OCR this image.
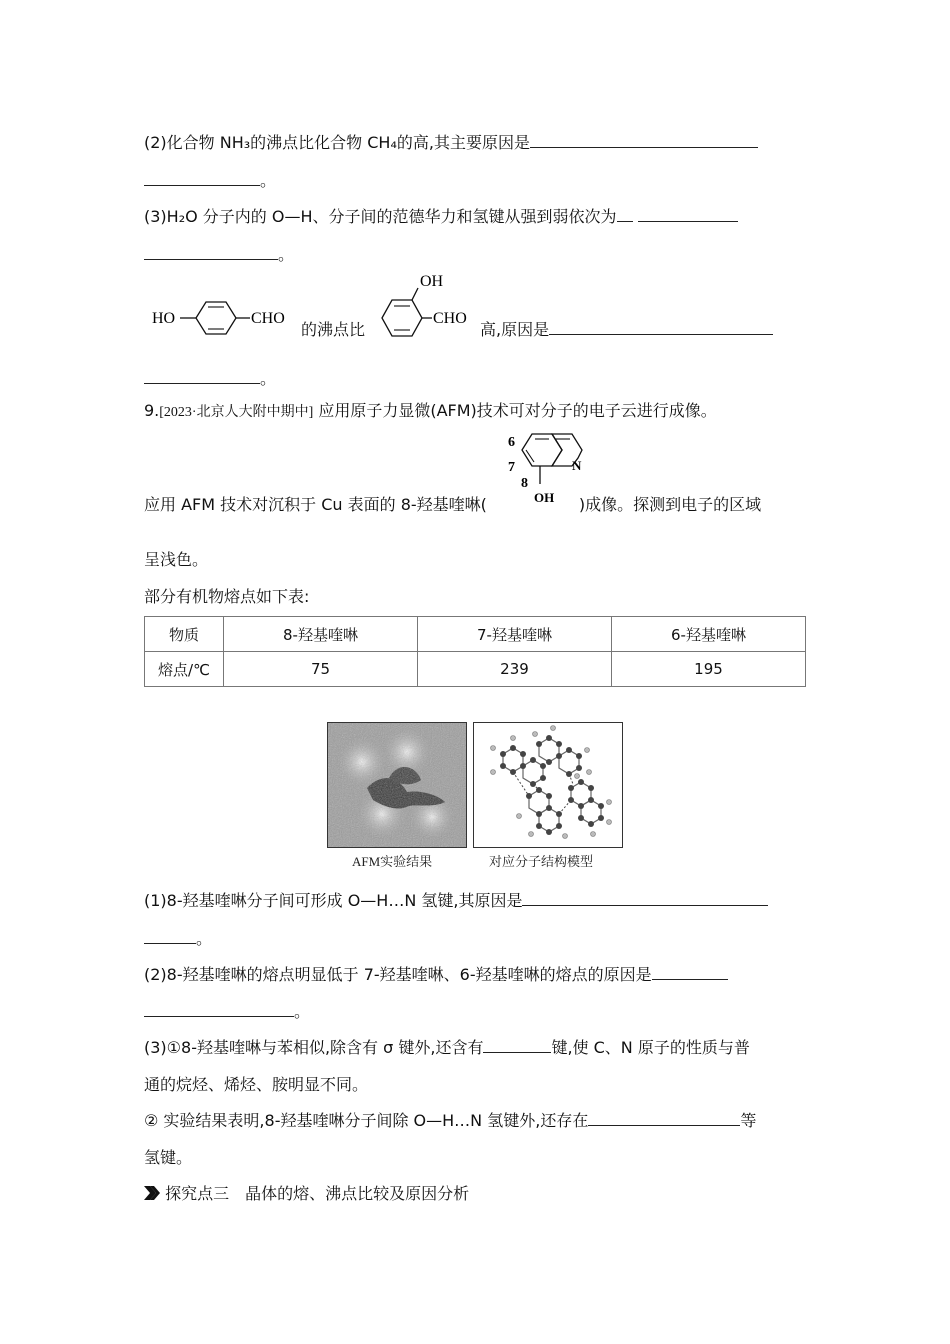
(2)化合物 NH₃的沸点比化合物 CH₄的高,其主要原因是
。
(3)H₂O 分子内的 O—H、分子间的范德华力和氢键从强到弱依次为
。
HO	CHO
的沸点比
OH
CHO
高,原因是
。
9.[2023·北京人大附中期中] 应用原子力显微(AFM)技术可对分子的电子云进行成像。
6
7
8
N
OH
应用 AFM 技术对沉积于 Cu 表面的 8-羟基喹啉(	)成像。探测到电子的区域
呈浅色。
部分有机物熔点如下表:
物质	8-羟基喹啉	7-羟基喹啉	6-羟基喹啉
熔点/℃	75	239	195
AFM实验结果	对应分子结构模型
(1)8-羟基喹啉分子间可形成 O—H…N 氢键,其原因是
。
(2)8-羟基喹啉的熔点明显低于 7-羟基喹啉、6-羟基喹啉的熔点的原因是
。
(3)①8-羟基喹啉与苯相似,除含有 σ 键外,还含有	键,使 C、N 原子的性质与普
通的烷烃、烯烃、胺明显不同。
② 实验结果表明,8-羟基喹啉分子间除 O—H…N 氢键外,还存在	等
氢键。
探究点三　晶体的熔、沸点比较及原因分析
